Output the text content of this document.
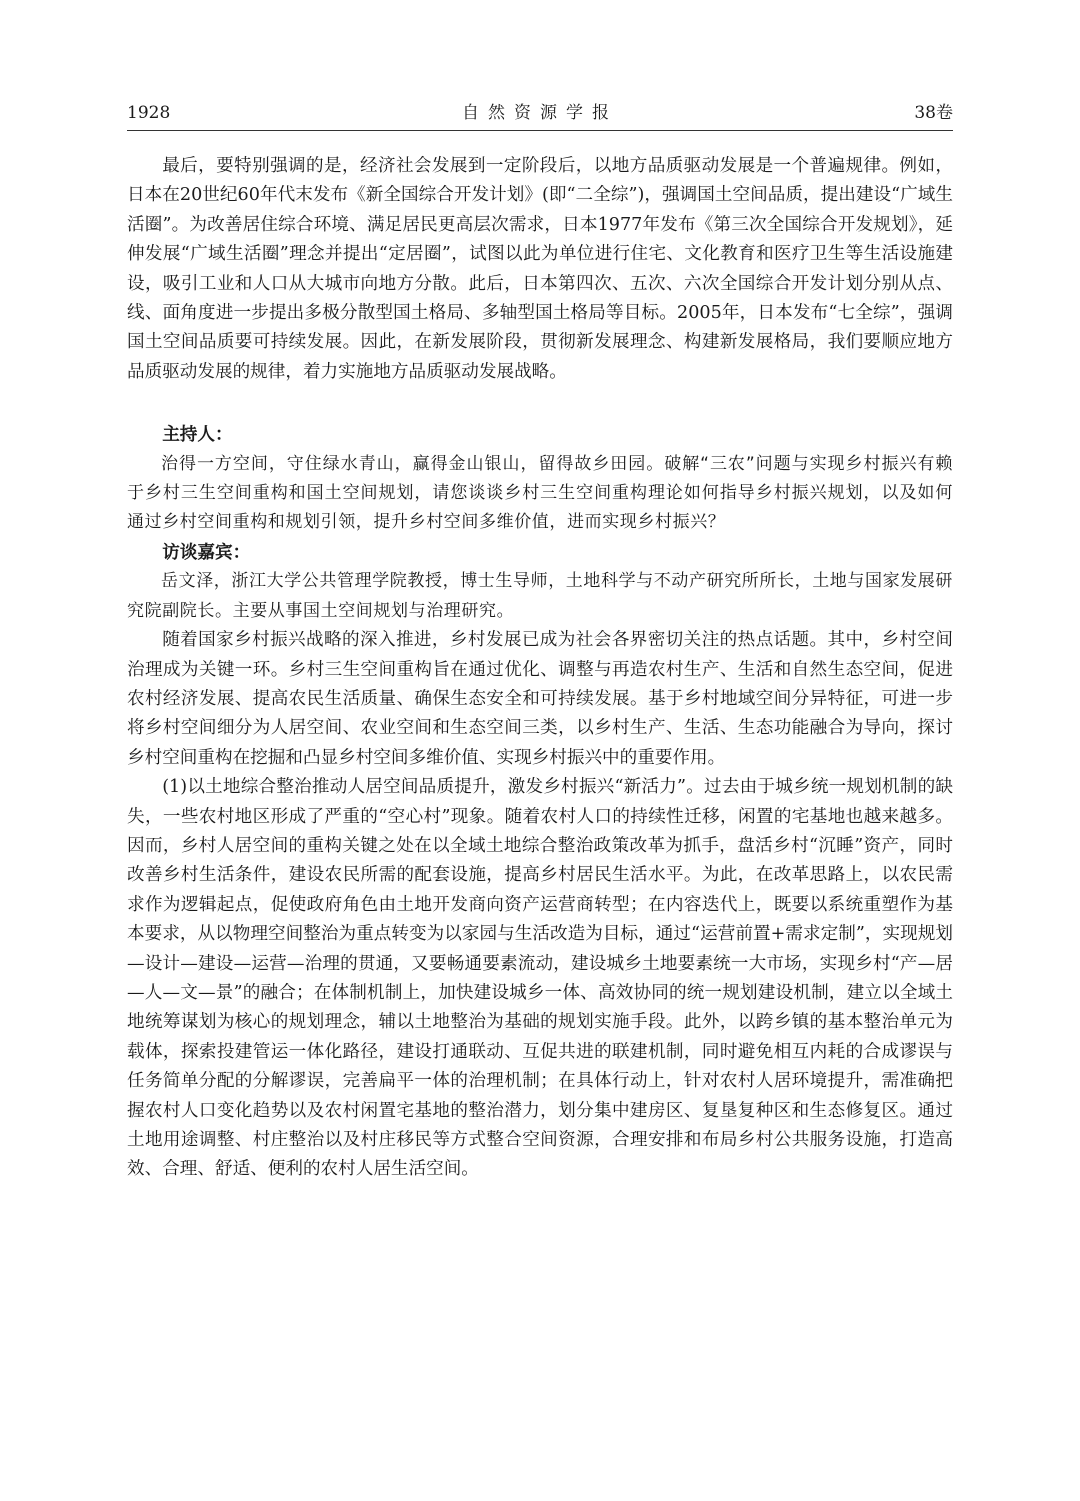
1928	自然资源学报	38卷

最后，要特别强调的是，经济社会发展到一定阶段后，以地方品质驱动发展是一个普遍规律。例如，日本在20世纪60年代末发布《新全国综合开发计划》(即“二全综”)，强调国土空间品质，提出建设“广域生活圈”。为改善居住综合环境、满足居民更高层次需求，日本1977年发布《第三次全国综合开发规划》，延伸发展“广域生活圈”理念并提出“定居圈”，试图以此为单位进行住宅、文化教育和医疗卫生等生活设施建设，吸引工业和人口从大城市向地方分散。此后，日本第四次、五次、六次全国综合开发计划分别从点、线、面角度进一步提出多极分散型国土格局、多轴型国土格局等目标。2005年，日本发布“七全综”，强调国土空间品质要可持续发展。因此，在新发展阶段，贯彻新发展理念、构建新发展格局，我们要顺应地方品质驱动发展的规律，着力实施地方品质驱动发展战略。

主持人：

治得一方空间，守住绿水青山，赢得金山银山，留得故乡田园。破解“三农”问题与实现乡村振兴有赖于乡村三生空间重构和国土空间规划，请您谈谈乡村三生空间重构理论如何指导乡村振兴规划，以及如何通过乡村空间重构和规划引领，提升乡村空间多维价值，进而实现乡村振兴？

访谈嘉宾：

岳文泽，浙江大学公共管理学院教授，博士生导师，土地科学与不动产研究所所长，土地与国家发展研究院副院长。主要从事国土空间规划与治理研究。

随着国家乡村振兴战略的深入推进，乡村发展已成为社会各界密切关注的热点话题。其中，乡村空间治理成为关键一环。乡村三生空间重构旨在通过优化、调整与再造农村生产、生活和自然生态空间，促进农村经济发展、提高农民生活质量、确保生态安全和可持续发展。基于乡村地域空间分异特征，可进一步将乡村空间细分为人居空间、农业空间和生态空间三类，以乡村生产、生活、生态功能融合为导向，探讨乡村空间重构在挖掘和凸显乡村空间多维价值、实现乡村振兴中的重要作用。

(1)以土地综合整治推动人居空间品质提升，激发乡村振兴“新活力”。过去由于城乡统一规划机制的缺失，一些农村地区形成了严重的“空心村”现象。随着农村人口的持续性迁移，闲置的宅基地也越来越多。因而，乡村人居空间的重构关键之处在以全域土地综合整治政策改革为抓手，盘活乡村“沉睡”资产，同时改善乡村生活条件，建设农民所需的配套设施，提高乡村居民生活水平。为此，在改革思路上，以农民需求作为逻辑起点，促使政府角色由土地开发商向资产运营商转型；在内容迭代上，既要以系统重塑作为基本要求，从以物理空间整治为重点转变为以家园与生活改造为目标，通过“运营前置+需求定制”，实现规划—设计—建设—运营—治理的贯通，又要畅通要素流动，建设城乡土地要素统一大市场，实现乡村“产—居—人—文—景”的融合；在体制机制上，加快建设城乡一体、高效协同的统一规划建设机制，建立以全域土地统筹谋划为核心的规划理念，辅以土地整治为基础的规划实施手段。此外，以跨乡镇的基本整治单元为载体，探索投建管运一体化路径，建设打通联动、互促共进的联建机制，同时避免相互内耗的合成谬误与任务简单分配的分解谬误，完善扁平一体的治理机制；在具体行动上，针对农村人居环境提升，需准确把握农村人口变化趋势以及农村闲置宅基地的整治潜力，划分集中建房区、复垦复种区和生态修复区。通过土地用途调整、村庄整治以及村庄移民等方式整合空间资源，合理安排和布局乡村公共服务设施，打造高效、合理、舒适、便利的农村人居生活空间。
